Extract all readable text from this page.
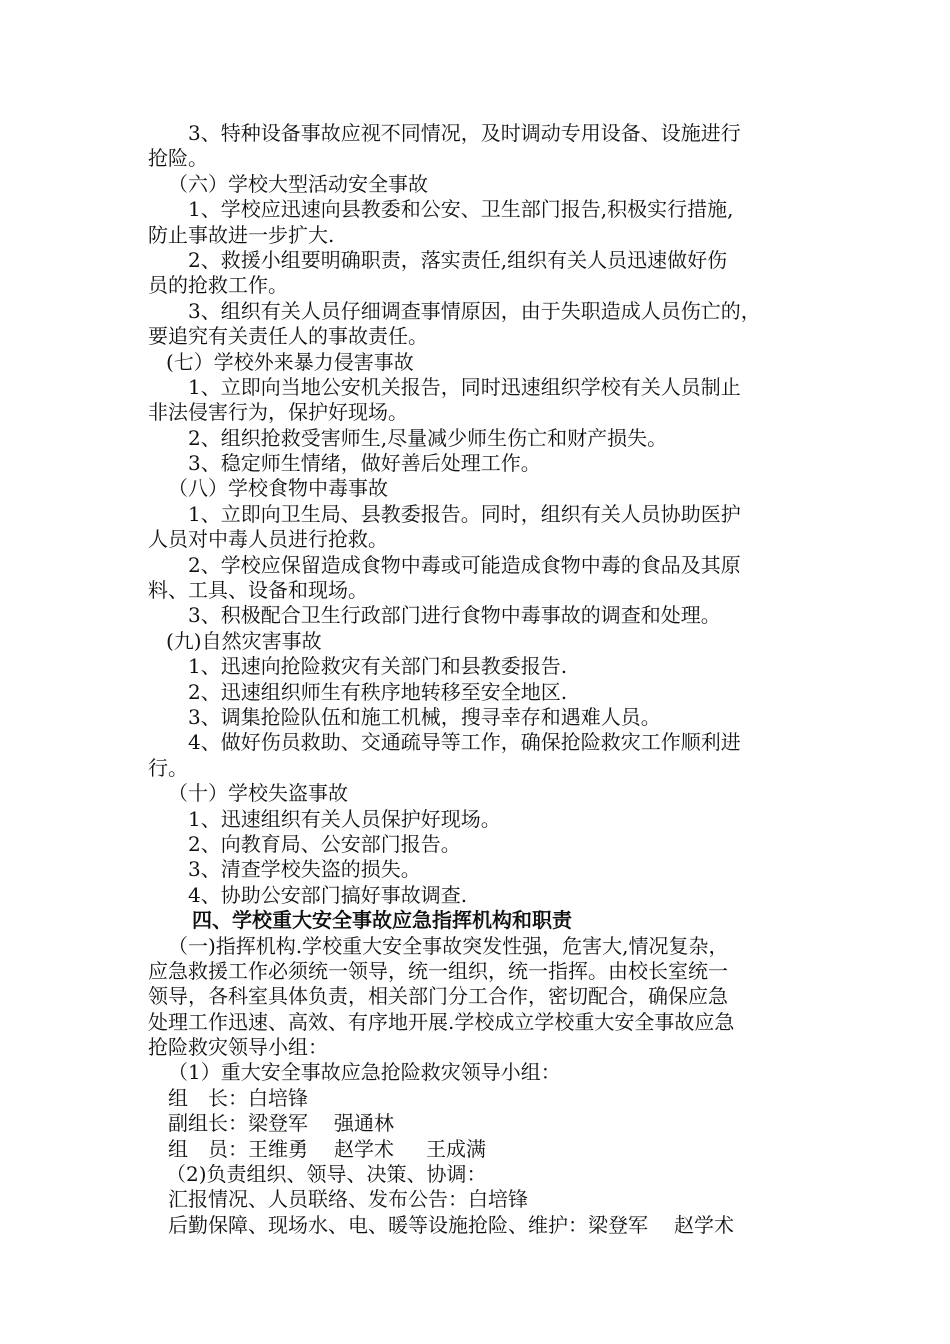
3、特种设备事故应视不同情况，及时调动专用设备、设施进行
抢险。
（六）学校大型活动安全事故
1、学校应迅速向县教委和公安、卫生部门报告,积极实行措施,
防止事故进一步扩大.
2、救援小组要明确职责，落实责任,组织有关人员迅速做好伤
员的抢救工作。
3、组织有关人员仔细调查事情原因，由于失职造成人员伤亡的，
要追究有关责任人的事故责任。
(七）学校外来暴力侵害事故
1、立即向当地公安机关报告，同时迅速组织学校有关人员制止
非法侵害行为，保护好现场。
2、组织抢救受害师生,尽量减少师生伤亡和财产损失。
3、稳定师生情绪，做好善后处理工作。
（八）学校食物中毒事故
1、立即向卫生局、县教委报告。同时，组织有关人员协助医护
人员对中毒人员进行抢救。
2、学校应保留造成食物中毒或可能造成食物中毒的食品及其原
料、工具、设备和现场。
3、积极配合卫生行政部门进行食物中毒事故的调查和处理。
(九)自然灾害事故
1、迅速向抢险救灾有关部门和县教委报告.
2、迅速组织师生有秩序地转移至安全地区.
3、调集抢险队伍和施工机械，搜寻幸存和遇难人员。
4、做好伤员救助、交通疏导等工作，确保抢险救灾工作顺利进
行。
（十）学校失盗事故
1、迅速组织有关人员保护好现场。
2、向教育局、公安部门报告。
3、清查学校失盗的损失。
4、协助公安部门搞好事故调查.
四、学校重大安全事故应急指挥机构和职责
（一)指挥机构.学校重大安全事故突发性强，危害大,情况复杂，
应急救援工作必须统一领导，统一组织，统一指挥。由校长室统一
领导，各科室具体负责，相关部门分工合作，密切配合，确保应急
处理工作迅速、高效、有序地开展.学校成立学校重大安全事故应急
抢险救灾领导小组：
（1）重大安全事故应急抢险救灾领导小组：
组　长：白培锋
副组长：梁登军 强通林
组　员：王维勇 赵学术 王成满
（2)负责组织、领导、决策、协调：
汇报情况、人员联络、发布公告：白培锋
后勤保障、现场水、电、暖等设施抢险、维护：梁登军 赵学术
